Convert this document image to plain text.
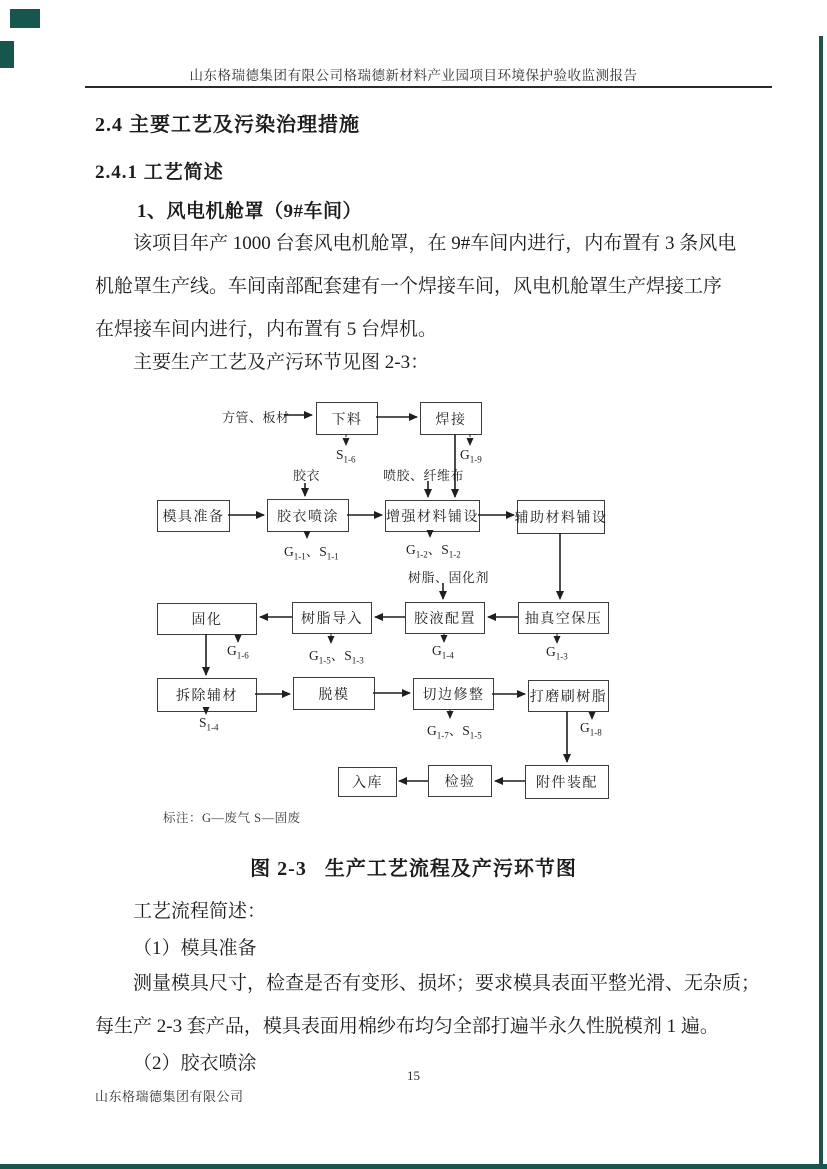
山东格瑞德集团有限公司格瑞德新材料产业园项目环境保护验收监测报告
2.4 主要工艺及污染治理措施
2.4.1 工艺简述
1、风电机舱罩（9#车间）
该项目年产 1000 台套风电机舱罩，在 9#车间内进行，内布置有 3 条风电
机舱罩生产线。车间南部配套建有一个焊接车间，风电机舱罩生产焊接工序
在焊接车间内进行，内布置有 5 台焊机。
主要生产工艺及产污环节见图 2-3：
下料	焊接
模具准备	胶衣喷涂	增强材料铺设	辅助材料铺设
固化	树脂导入	胶液配置	抽真空保压
拆除辅材	脱模	切边修整	打磨刷树脂
入库	检验	附件装配
方管、板材
胶衣	喷胶、纤维布
树脂、固化剂
$S_{1-6}$	$G_{1-9}$
$G_{1-1}$、$S_{1-1}$	$G_{1-2}$、$S_{1-2}$
$G_{1-6}$	$G_{1-5}$、$S_{1-3}$
$G_{1-4}$	$G_{1-3}$
$S_{1-4}$	$G_{1-7}$、$S_{1-5}$
$G_{1-8}$
标注：G—废气 S—固废
图 2-3 生产工艺流程及产污环节图
工艺流程简述：
（1）模具准备
测量模具尺寸，检查是否有变形、损坏；要求模具表面平整光滑、无杂质；
每生产 2-3 套产品，模具表面用棉纱布均匀全部打遍半永久性脱模剂 1 遍。
（2）胶衣喷涂
15
山东格瑞德集团有限公司
